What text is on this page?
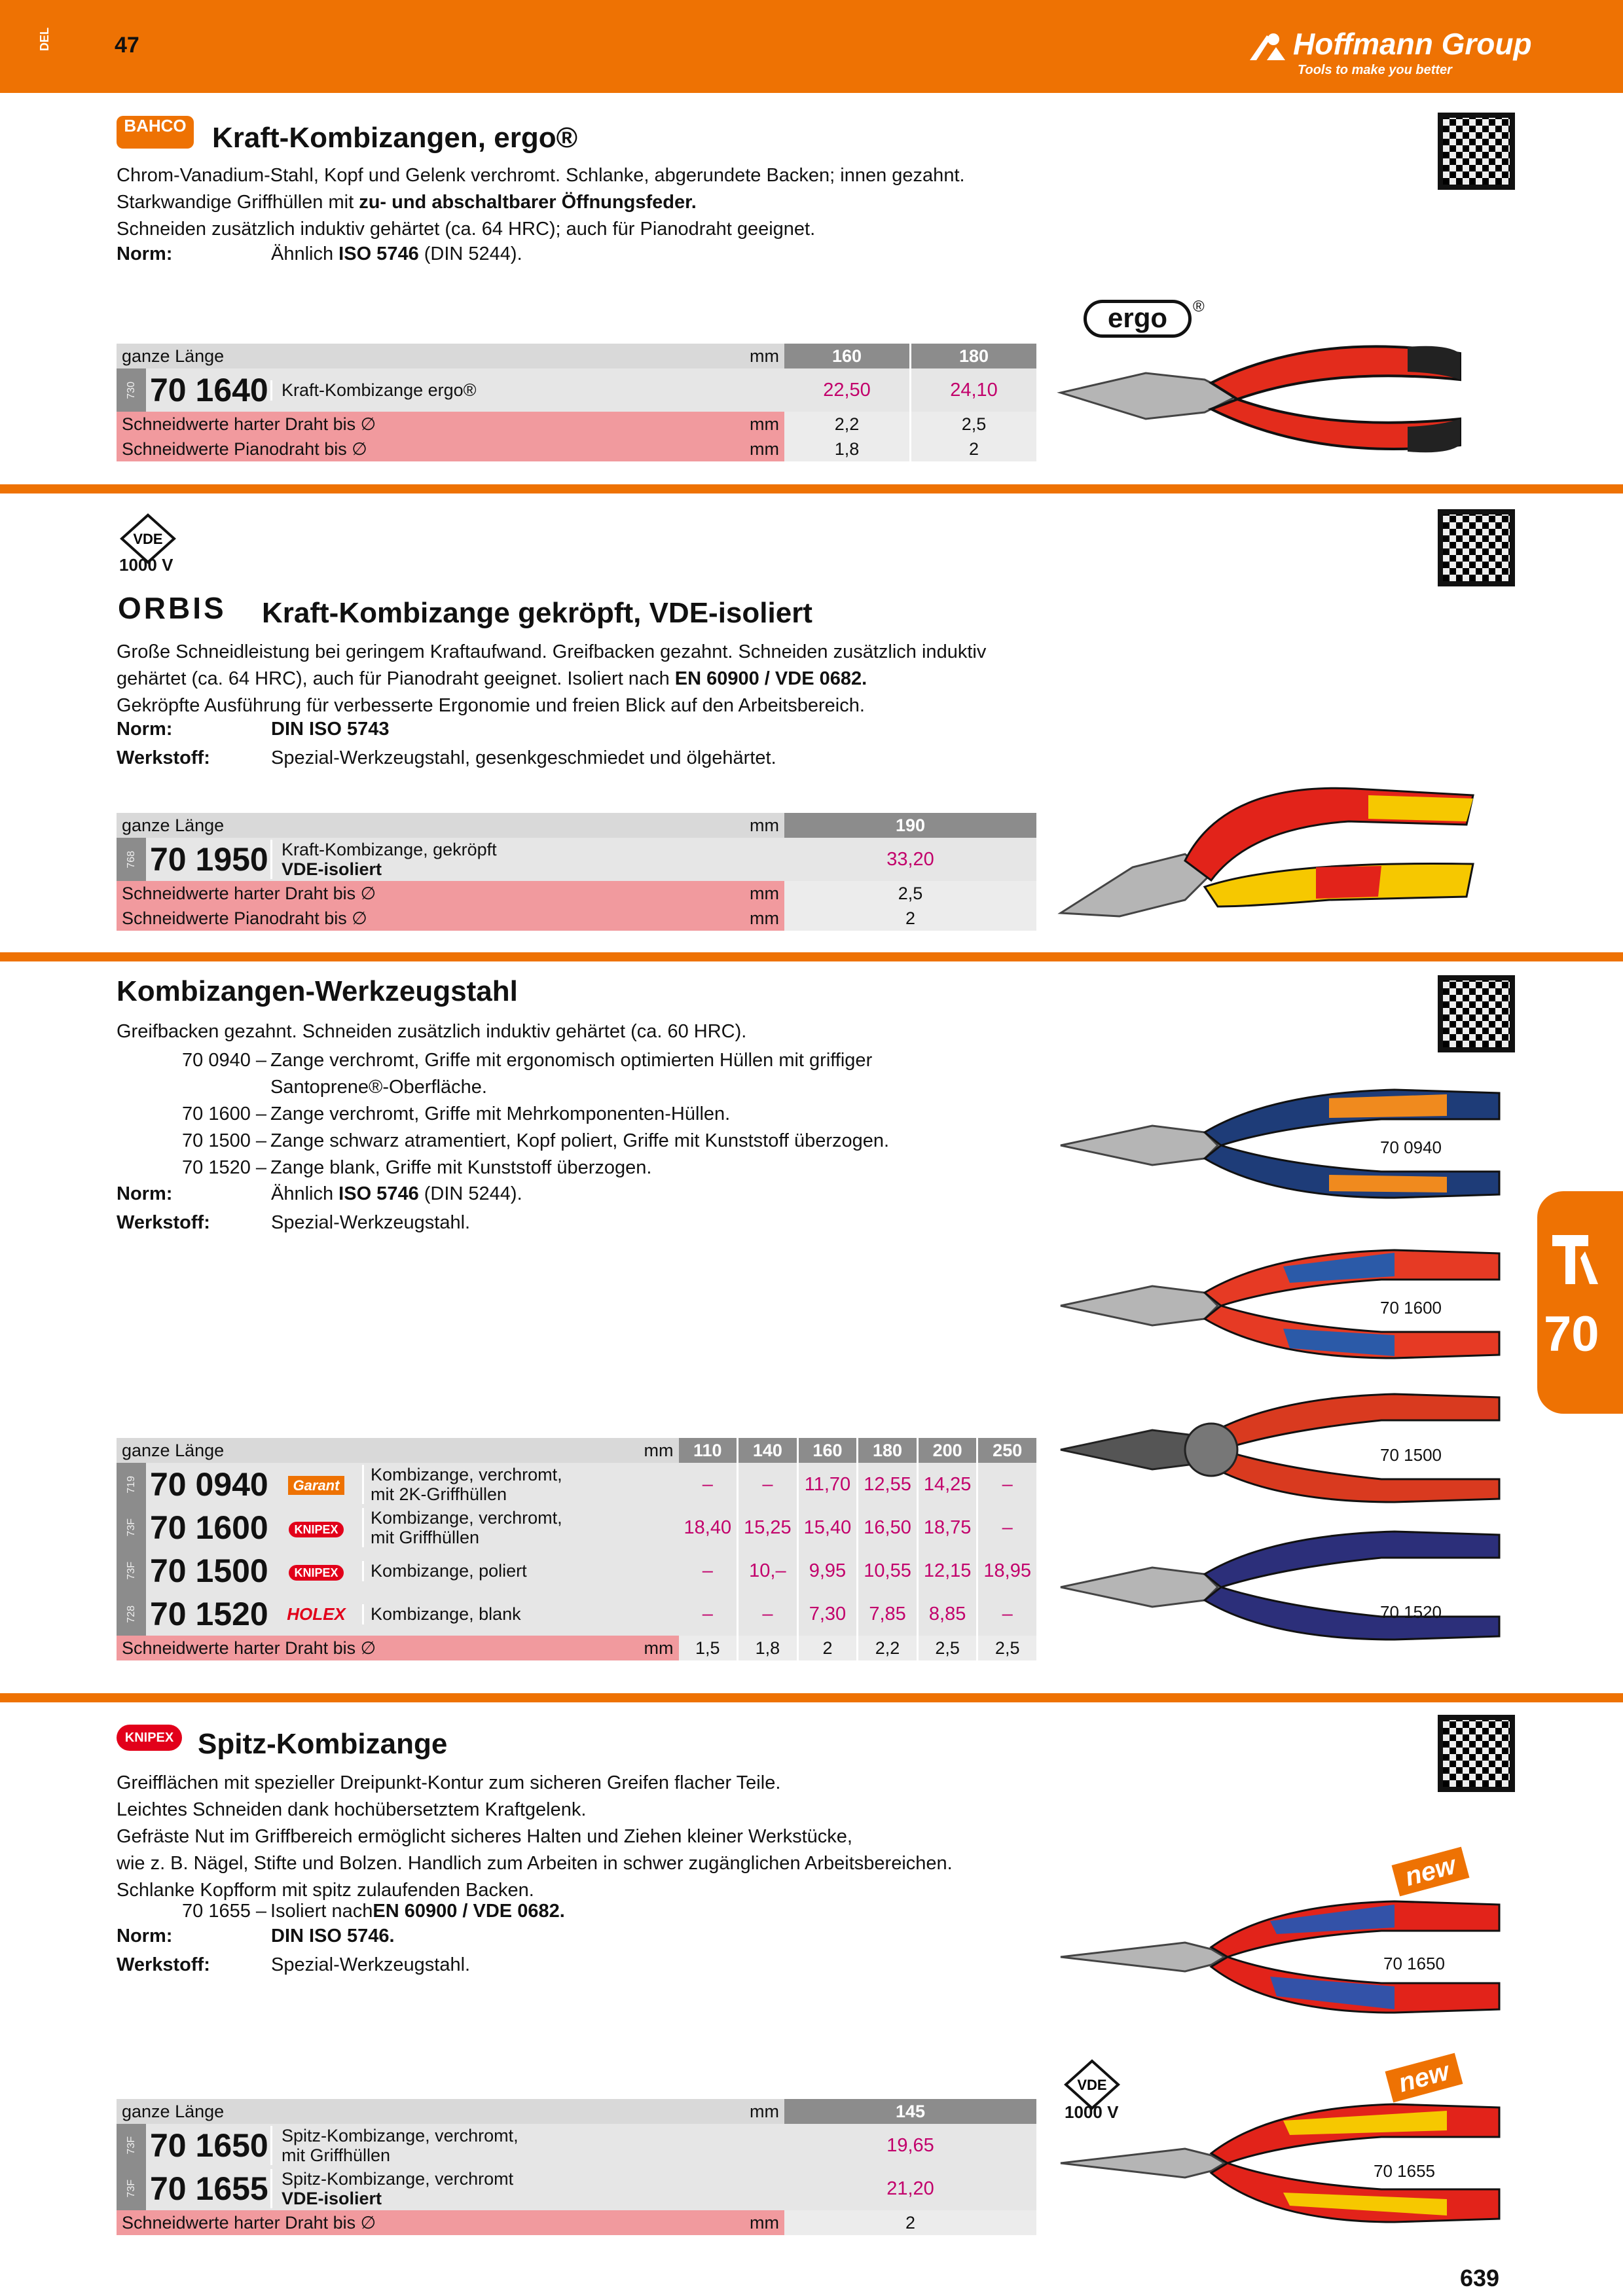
DEL	47	Hoffmann Group
Tools to make you better
BAHCO Kraft-Kombizangen, ergo®
Chrom-Vanadium-Stahl, Kopf und Gelenk verchromt. Schlanke, abgerundete Backen; innen gezahnt.
Starkwandige Griffhüllen mit zu- und abschaltbarer Öffnungsfeder.
Schneiden zusätzlich induktiv gehärtet (ca. 64 HRC); auch für Pianodraht geeignet.
Norm:	Ähnlich ISO 5746 (DIN 5244).
ergo	®
ganze Länge	mm	160	180

730 70 1640 Kraft-Kombizange ergo®		22,50	24,10
Schneidwerte harter Draht bis ∅	mm	2,2	2,5
Schneidwerte Pianodraht bis ∅	mm	1,8	2
VDE
1000 V
ORBIS Kraft-Kombizange gekröpft, VDE-isoliert
Große Schneidleistung bei geringem Kraftaufwand. Greifbacken gezahnt. Schneiden zusätzlich induktiv
gehärtet (ca. 64 HRC), auch für Pianodraht geeignet. Isoliert nach EN 60900 / VDE 0682.
Gekröpfte Ausführung für verbesserte Ergonomie und freien Blick auf den Arbeitsbereich.
Norm:	DIN ISO 5743
Werkstoff:	Spezial-Werkzeugstahl, gesenkgeschmiedet und ölgehärtet.
ganze Länge	mm	190

768 70 1950 Kraft-Kombizange, gekröpft
VDE-isoliert		33,20
Schneidwerte harter Draht bis ∅	mm	2,5
Schneidwerte Pianodraht bis ∅	mm	2
Kombizangen-Werkzeugstahl
Greifbacken gezahnt. Schneiden zusätzlich induktiv gehärtet (ca. 60 HRC).
70 0940 – Zange verchromt, Griffe mit ergonomisch optimierten Hüllen mit griffiger
Santoprene®-Oberfläche.
70 1600 – Zange verchromt, Griffe mit Mehrkomponenten-Hüllen.
70 1500 – Zange schwarz atramentiert, Kopf poliert, Griffe mit Kunststoff überzogen.
70 1520 – Zange blank, Griffe mit Kunststoff überzogen.
Norm:	Ähnlich ISO 5746 (DIN 5244).
Werkstoff:	Spezial-Werkzeugstahl.
70 0940
70 1600
70 1500
70 1520
ganze Länge	mm	110	140	160	180	200	250

719 70 0940 Garant
Kombizange, verchromt,
mit 2K-Griffhüllen		–	–	11,70	12,55	14,25	–

73F 70 1600 KNIPEX
Kombizange, verchromt,
mit Griffhüllen		18,40	15,25	15,40	16,50	18,75	–

73F 70 1500 KNIPEX Kombizange, poliert		–	10,–	9,95	10,55	12,15	18,95

728 70 1520 HOLEX Kombizange, blank		–	–	7,30	7,85	8,85	–
Schneidwerte harter Draht bis ∅	mm	1,5	1,8	2	2,2	2,5	2,5
70
KNIPEX Spitz-Kombizange
Greifflächen mit spezieller Dreipunkt-Kontur zum sicheren Greifen flacher Teile.
Leichtes Schneiden dank hochübersetztem Kraftgelenk.
Gefräste Nut im Griffbereich ermöglicht sicheres Halten und Ziehen kleiner Werkstücke,
wie z. B. Nägel, Stifte und Bolzen. Handlich zum Arbeiten in schwer zugänglichen Arbeitsbereichen.
Schlanke Kopfform mit spitz zulaufenden Backen.
70 1655 – Isoliert nach EN 60900 / VDE 0682.
Norm:	DIN ISO 5746.
Werkstoff:	Spezial-Werkzeugstahl.
new
70 1650
VDE
1000 V
new
70 1655
ganze Länge	mm	145

73F 70 1650 Spitz-Kombizange, verchromt,
mit Griffhüllen		19,65

73F 70 1655 Spitz-Kombizange, verchromt
VDE-isoliert		21,20
Schneidwerte harter Draht bis ∅	mm	2
639
